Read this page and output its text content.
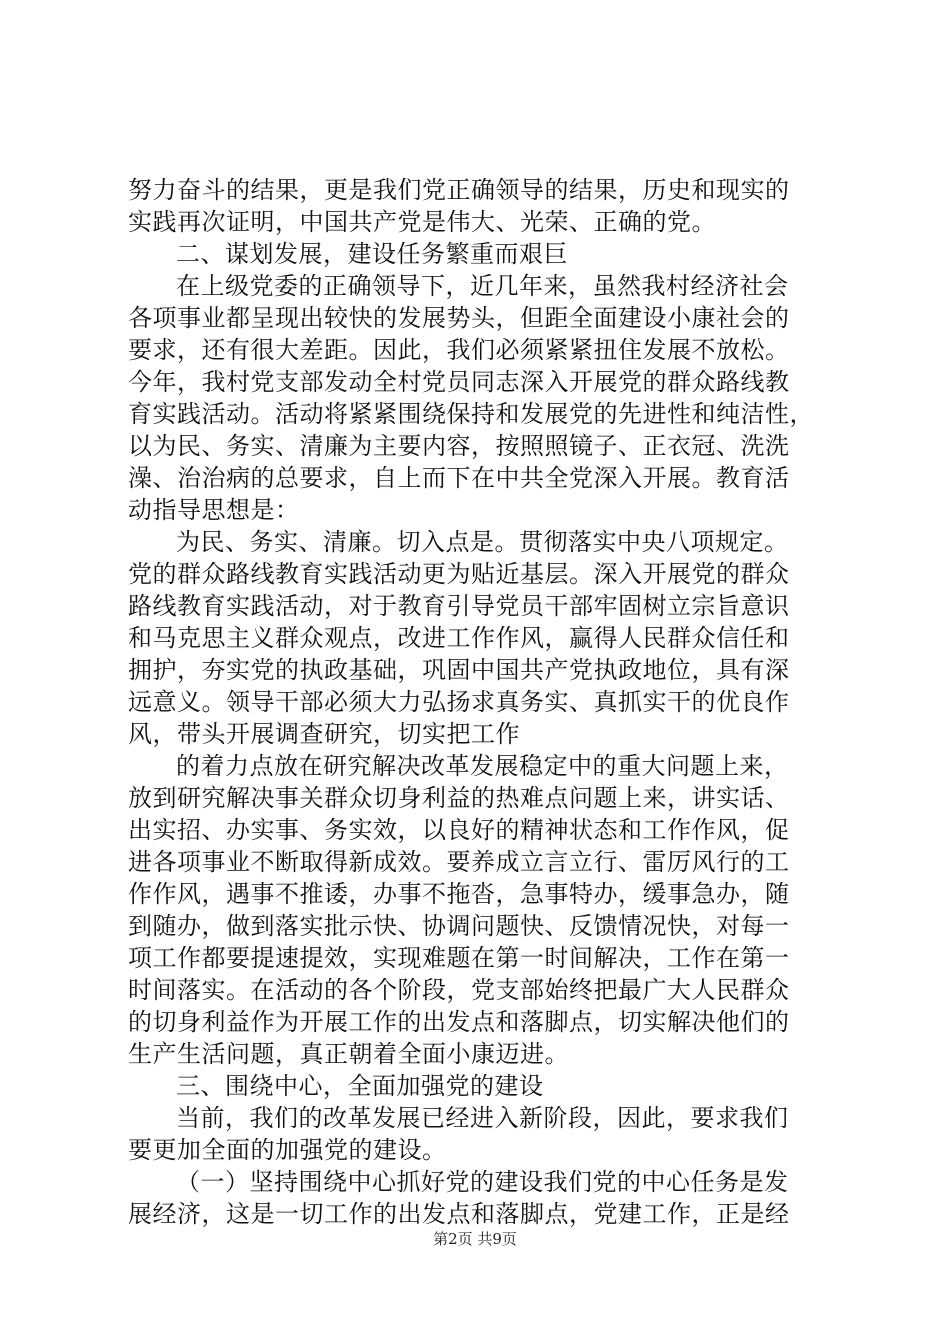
努力奋斗的结果，更是我们党正确领导的结果，历史和现实的
实践再次证明，中国共产党是伟大、光荣、正确的党。
二、谋划发展，建设任务繁重而艰巨
在上级党委的正确领导下，近几年来，虽然我村经济社会
各项事业都呈现出较快的发展势头，但距全面建设小康社会的
要求，还有很大差距。因此，我们必须紧紧扭住发展不放松。
今年，我村党支部发动全村党员同志深入开展党的群众路线教
育实践活动。活动将紧紧围绕保持和发展党的先进性和纯洁性，
以为民、务实、清廉为主要内容，按照照镜子、正衣冠、洗洗
澡、治治病的总要求，自上而下在中共全党深入开展。教育活
动指导思想是：
为民、务实、清廉。切入点是。贯彻落实中央八项规定。
党的群众路线教育实践活动更为贴近基层。深入开展党的群众
路线教育实践活动，对于教育引导党员干部牢固树立宗旨意识
和马克思主义群众观点，改进工作作风，赢得人民群众信任和
拥护，夯实党的执政基础，巩固中国共产党执政地位，具有深
远意义。领导干部必须大力弘扬求真务实、真抓实干的优良作
风，带头开展调查研究，切实把工作
的着力点放在研究解决改革发展稳定中的重大问题上来，
放到研究解决事关群众切身利益的热难点问题上来，讲实话、
出实招、办实事、务实效，以良好的精神状态和工作作风，促
进各项事业不断取得新成效。要养成立言立行、雷厉风行的工
作作风，遇事不推诿，办事不拖沓，急事特办，缓事急办，随
到随办，做到落实批示快、协调问题快、反馈情况快，对每一
项工作都要提速提效，实现难题在第一时间解决，工作在第一
时间落实。在活动的各个阶段，党支部始终把最广大人民群众
的切身利益作为开展工作的出发点和落脚点，切实解决他们的
生产生活问题，真正朝着全面小康迈进。
三、围绕中心，全面加强党的建设
当前，我们的改革发展已经进入新阶段，因此，要求我们
要更加全面的加强党的建设。
（一）坚持围绕中心抓好党的建设我们党的中心任务是发
展经济，这是一切工作的出发点和落脚点，党建工作，正是经
第2页 共9页
